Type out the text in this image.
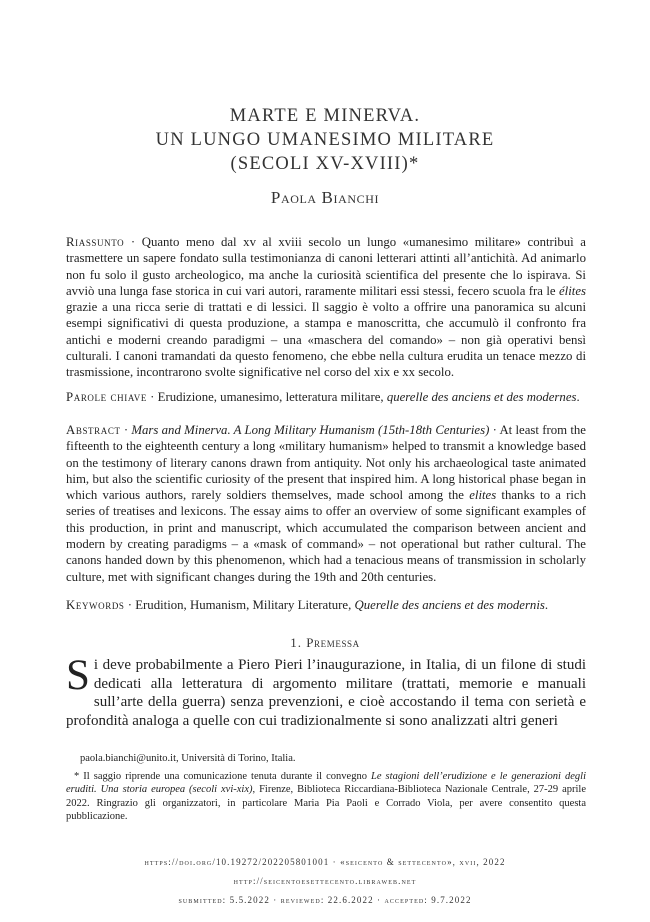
MARTE E MINERVA.
UN LUNGO UMANESIMO MILITARE
(SECOLI XV-XVIII)*
Paola Bianchi
Riassunto · Quanto meno dal xv al xviii secolo un lungo «umanesimo militare» contribuì a trasmettere un sapere fondato sulla testimonianza di canoni letterari attinti all’antichità. Ad animarlo non fu solo il gusto archeologico, ma anche la curiosità scientifica del presente che lo ispirava. Si avviò una lunga fase storica in cui vari autori, raramente militari essi stessi, fecero scuola fra le élites grazie a una ricca serie di trattati e di lessici. Il saggio è volto a offrire una panoramica su alcuni esempi significativi di questa produzione, a stampa e manoscritta, che accumulò il confronto fra antichi e moderni creando paradigmi – una «maschera del comando» – non già operativi bensì culturali. I canoni tramandati da questo fenomeno, che ebbe nella cultura erudita un tenace mezzo di trasmissione, incontrarono svolte significative nel corso del xix e xx secolo.
Parole chiave · Erudizione, umanesimo, letteratura militare, querelle des anciens et des modernes.
Abstract · Mars and Minerva. A Long Military Humanism (15th-18th Centuries) · At least from the fifteenth to the eighteenth century a long «military humanism» helped to transmit a knowledge based on the testimony of literary canons drawn from antiquity. Not only his archaeological taste animated him, but also the scientific curiosity of the present that inspired him. A long historical phase began in which various authors, rarely soldiers themselves, made school among the elites thanks to a rich series of treatises and lexicons. The essay aims to offer an overview of some significant examples of this production, in print and manuscript, which accumulated the comparison between ancient and modern by creating paradigms – a «mask of command» – not operational but rather cultural. The canons handed down by this phenomenon, which had a tenacious means of transmission in scholarly culture, met with significant changes during the 19th and 20th centuries.
Keywords · Erudition, Humanism, Military Literature, Querelle des anciens et des modernis.
1. Premessa
Si deve probabilmente a Piero Pieri l’inaugurazione, in Italia, di un filone di studi dedicati alla letteratura di argomento militare (trattati, memorie e manuali sull’arte della guerra) senza prevenzioni, e cioè accostando il tema con serietà e profondità analoga a quelle con cui tradizionalmente si sono analizzati altri generi
paola.bianchi@unito.it, Università di Torino, Italia.
* Il saggio riprende una comunicazione tenuta durante il convegno Le stagioni dell’erudizione e le generazioni degli eruditi. Una storia europea (secoli xvi-xix), Firenze, Biblioteca Riccardiana-Biblioteca Nazionale Centrale, 27-29 aprile 2022. Ringrazio gli organizzatori, in particolare Maria Pia Paoli e Corrado Viola, per avere consentito questa pubblicazione.
https://doi.org/10.19272/202205801001 · «seicento & settecento», xvii, 2022
http://seicentoesettecento.libraweb.net
submitted: 5.5.2022 · reviewed: 22.6.2022 · accepted: 9.7.2022
